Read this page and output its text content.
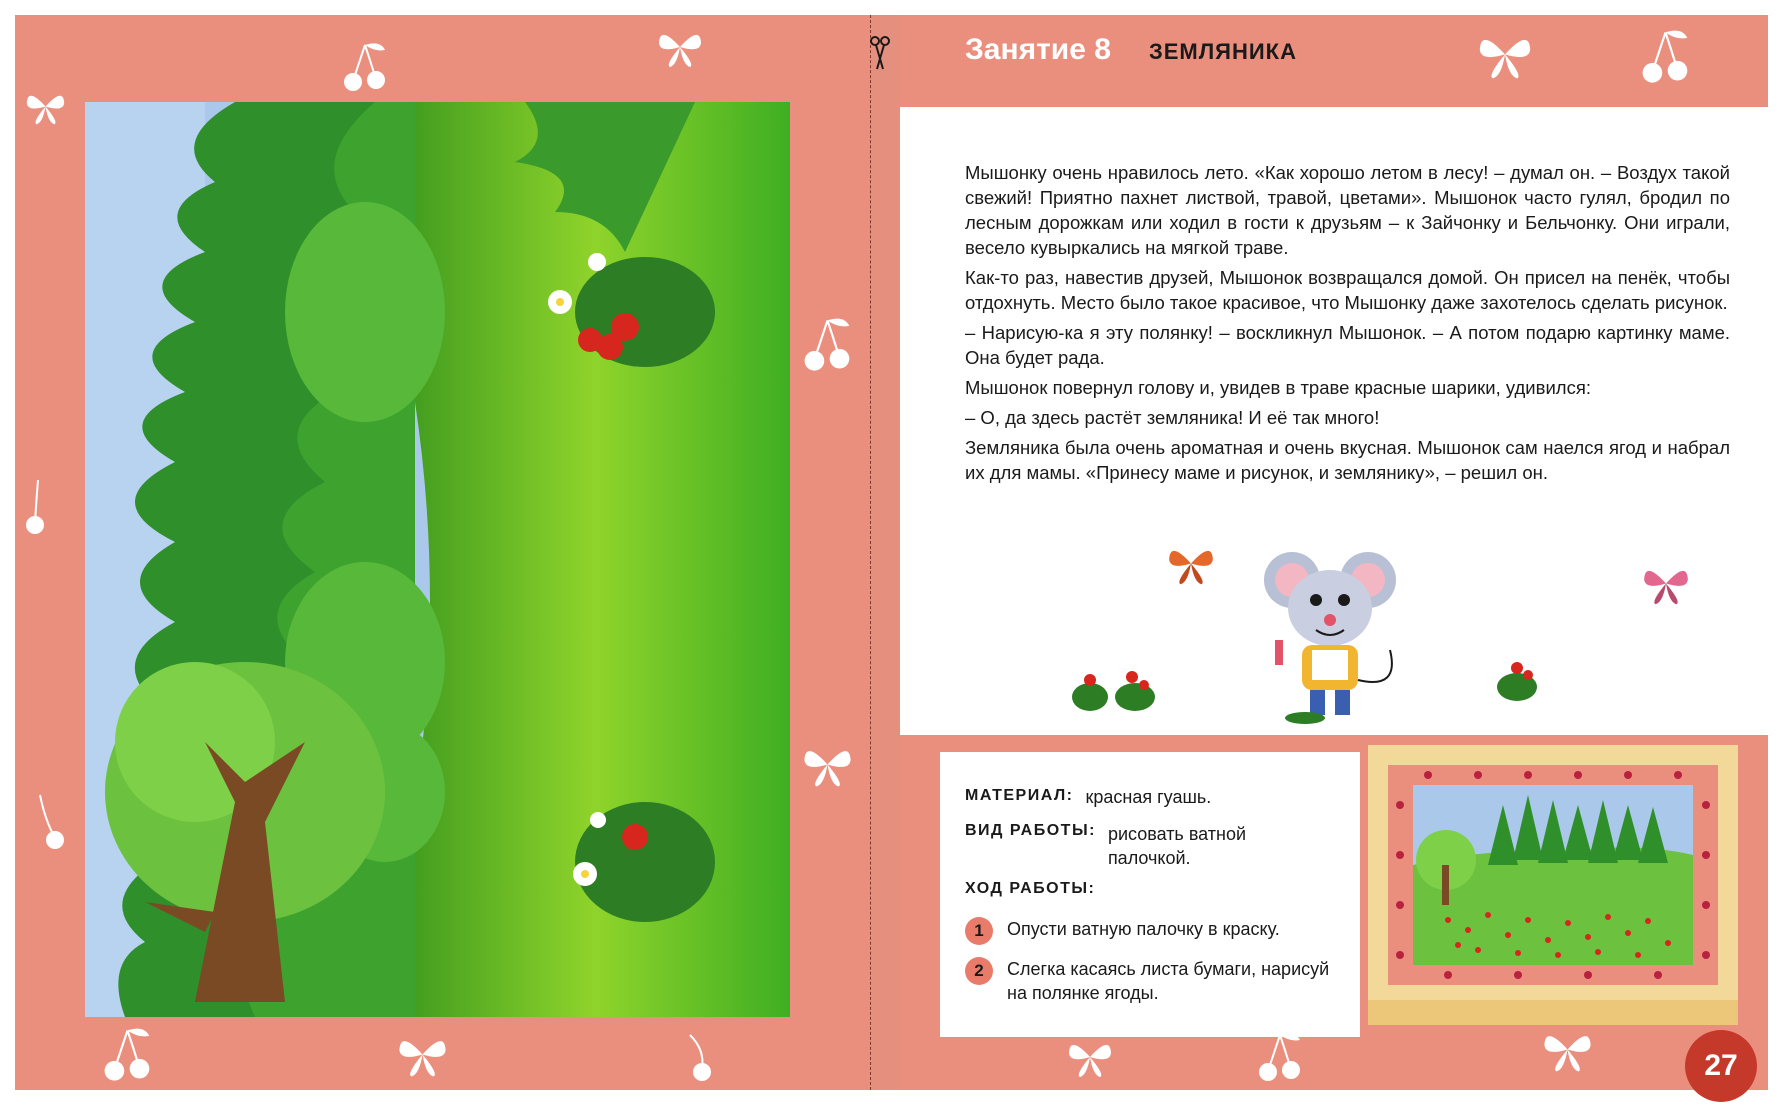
Занятие 8 ЗЕМЛЯНИКА

Мышонку очень нравилось лето. «Как хорошо летом в лесу! – думал он. – Воздух такой свежий! Приятно пахнет листвой, травой, цветами». Мышонок часто гулял, бродил по лесным дорожкам или ходил в гости к друзьям – к Зайчонку и Бельчонку. Они играли, весело кувыркались на мягкой траве.

Как-то раз, навестив друзей, Мышонок возвращался домой. Он присел на пенёк, чтобы отдохнуть. Место было такое красивое, что Мышонку даже захотелось сделать рисунок.

– Нарисую-ка я эту полянку! – воскликнул Мышонок. – А потом подарю картинку маме. Она будет рада.

Мышонок повернул голову и, увидев в траве красные шарики, удивился:

– О, да здесь растёт земляника! И её так много!

Земляника была очень ароматная и очень вкусная. Мышонок сам наелся ягод и набрал их для мамы. «Принесу маме и рисунок, и землянику», – решил он.

МАТЕРИАЛ: красная гуашь.
ВИД РАБОТЫ: рисовать ватной палочкой.
ХОД РАБОТЫ:
1	Опусти ватную палочку в краску.
2	Слегка касаясь листа бумаги, нарисуй на полянке ягоды.
27
